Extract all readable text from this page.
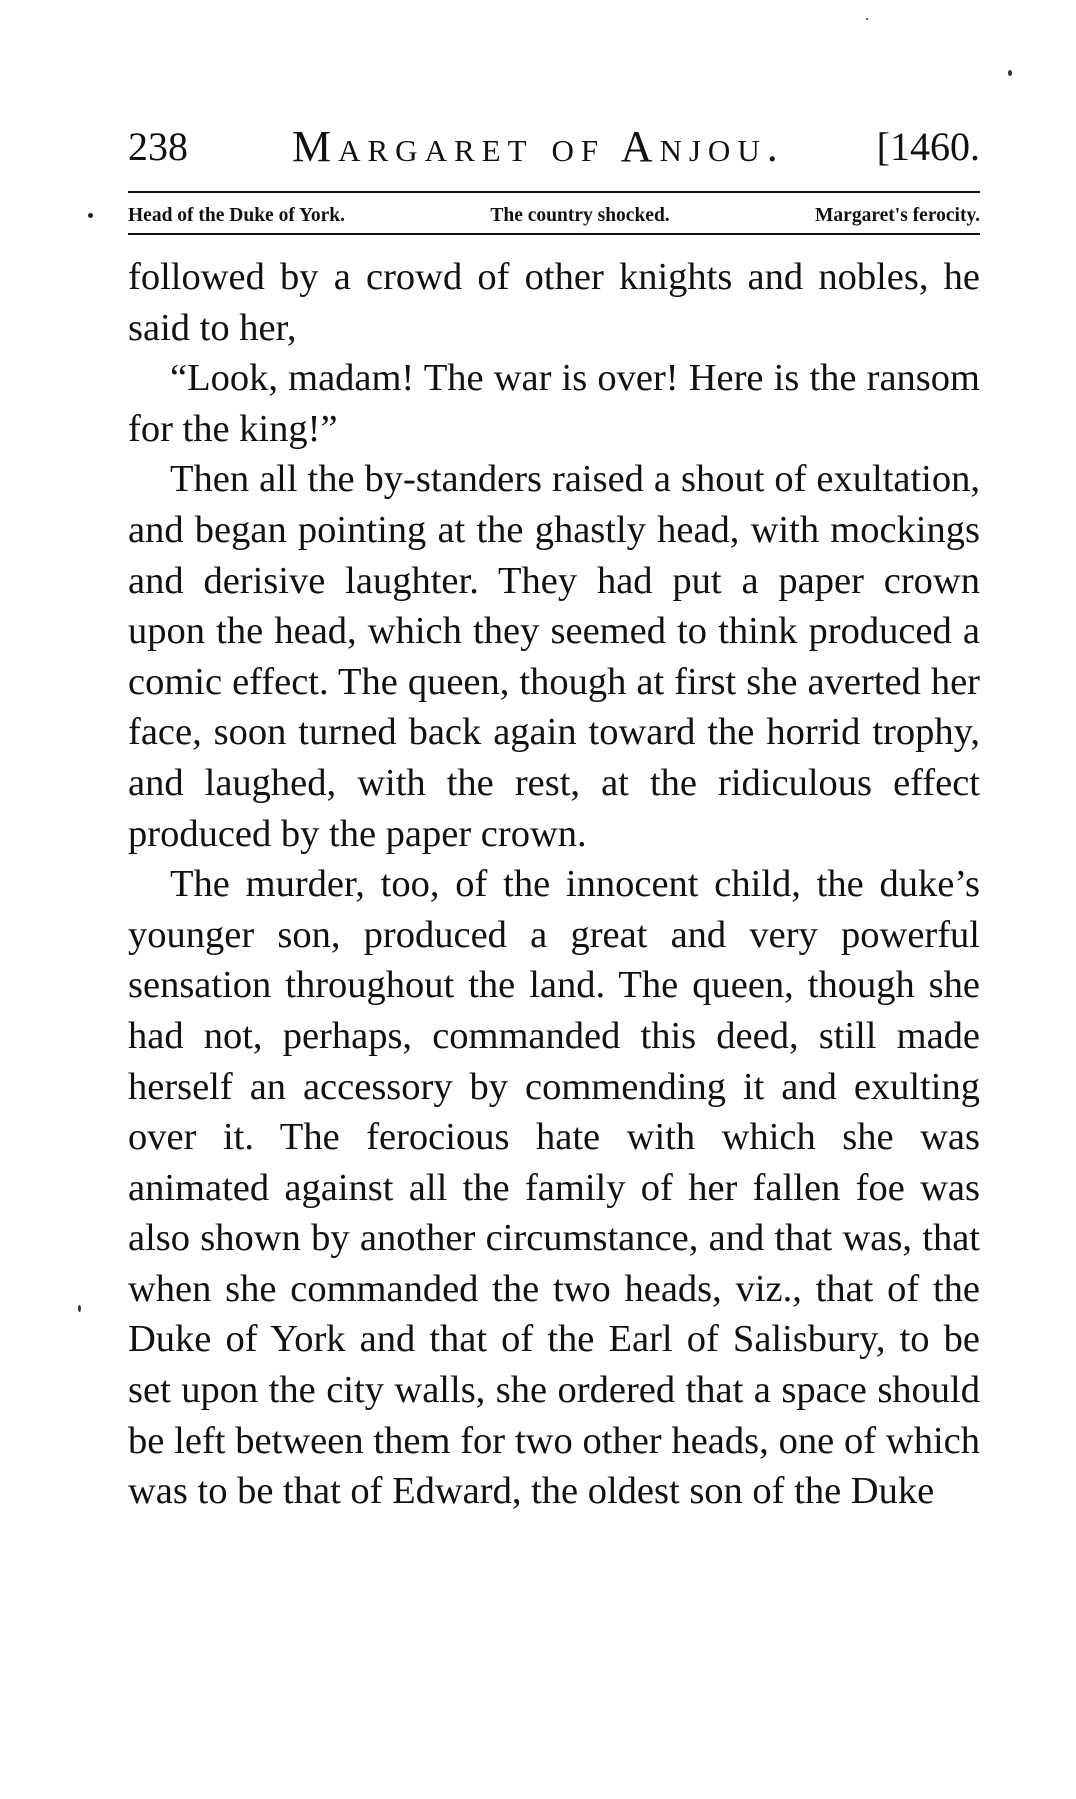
238 Margaret of Anjou. [1460.
Head of the Duke of York.	The country shocked.	Margaret's ferocity.

followed by a crowd of other knights and nobles, he said to her,

“Look, madam! The war is over! Here is the ransom for the king!”

Then all the by-standers raised a shout of exultation, and began pointing at the ghastly head, with mockings and derisive laughter. They had put a paper crown upon the head, which they seemed to think produced a comic effect. The queen, though at first she averted her face, soon turned back again toward the horrid trophy, and laughed, with the rest, at the ridiculous effect produced by the paper crown.

The murder, too, of the innocent child, the duke’s younger son, produced a great and very powerful sensation throughout the land. The queen, though she had not, perhaps, commanded this deed, still made herself an accessory by commending it and exulting over it. The ferocious hate with which she was animated against all the family of her fallen foe was also shown by another circumstance, and that was, that when she commanded the two heads, viz., that of the Duke of York and that of the Earl of Salisbury, to be set upon the city walls, she ordered that a space should be left between them for two other heads, one of which was to be that of Edward, the oldest son of the Duke
